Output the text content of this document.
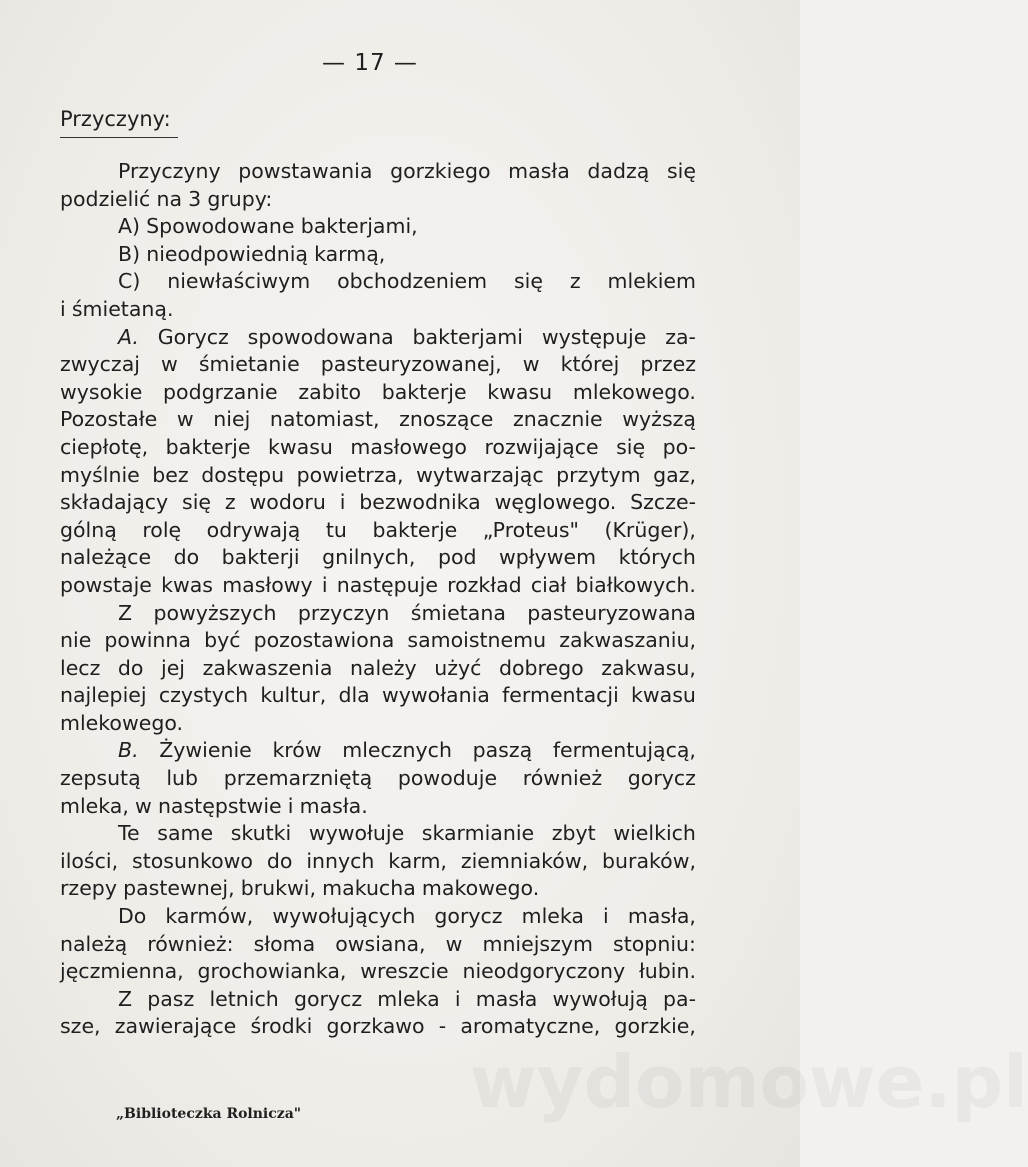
wydomowe.pl
— 17 —
Przyczyny:
Przyczyny powstawania gorzkiego masła dadzą się
podzielić na 3 grupy:
A) Spowodowane bakterjami,
B) nieodpowiednią karmą,
C) niewłaściwym obchodzeniem się z mlekiem
i śmietaną.
A. Gorycz spowodowana bakterjami występuje za-
zwyczaj w śmietanie pasteuryzowanej, w której przez
wysokie podgrzanie zabito bakterje kwasu mlekowego.
Pozostałe w niej natomiast, znoszące znacznie wyższą
ciepłotę, bakterje kwasu masłowego rozwijające się po-
myślnie bez dostępu powietrza, wytwarzając przytym gaz,
składający się z wodoru i bezwodnika węglowego. Szcze-
gólną rolę odrywają tu bakterje „Proteus" (Krüger),
należące do bakterji gnilnych, pod wpływem których
powstaje kwas masłowy i następuje rozkład ciał białkowych.
Z powyższych przyczyn śmietana pasteuryzowana
nie powinna być pozostawiona samoistnemu zakwaszaniu,
lecz do jej zakwaszenia należy użyć dobrego zakwasu,
najlepiej czystych kultur, dla wywołania fermentacji kwasu
mlekowego.
B. Żywienie krów mlecznych paszą fermentującą,
zepsutą lub przemarzniętą powoduje również gorycz
mleka, w następstwie i masła.
Te same skutki wywołuje skarmianie zbyt wielkich
ilości, stosunkowo do innych karm, ziemniaków, buraków,
rzepy pastewnej, brukwi, makucha makowego.
Do karmów, wywołujących gorycz mleka i masła,
należą również: słoma owsiana, w mniejszym stopniu:
jęczmienna, grochowianka, wreszcie nieodgoryczony łubin.
Z pasz letnich gorycz mleka i masła wywołują pa-
sze, zawierające środki gorzkawo - aromatyczne, gorzkie,
„Biblioteczka Rolnicza"
